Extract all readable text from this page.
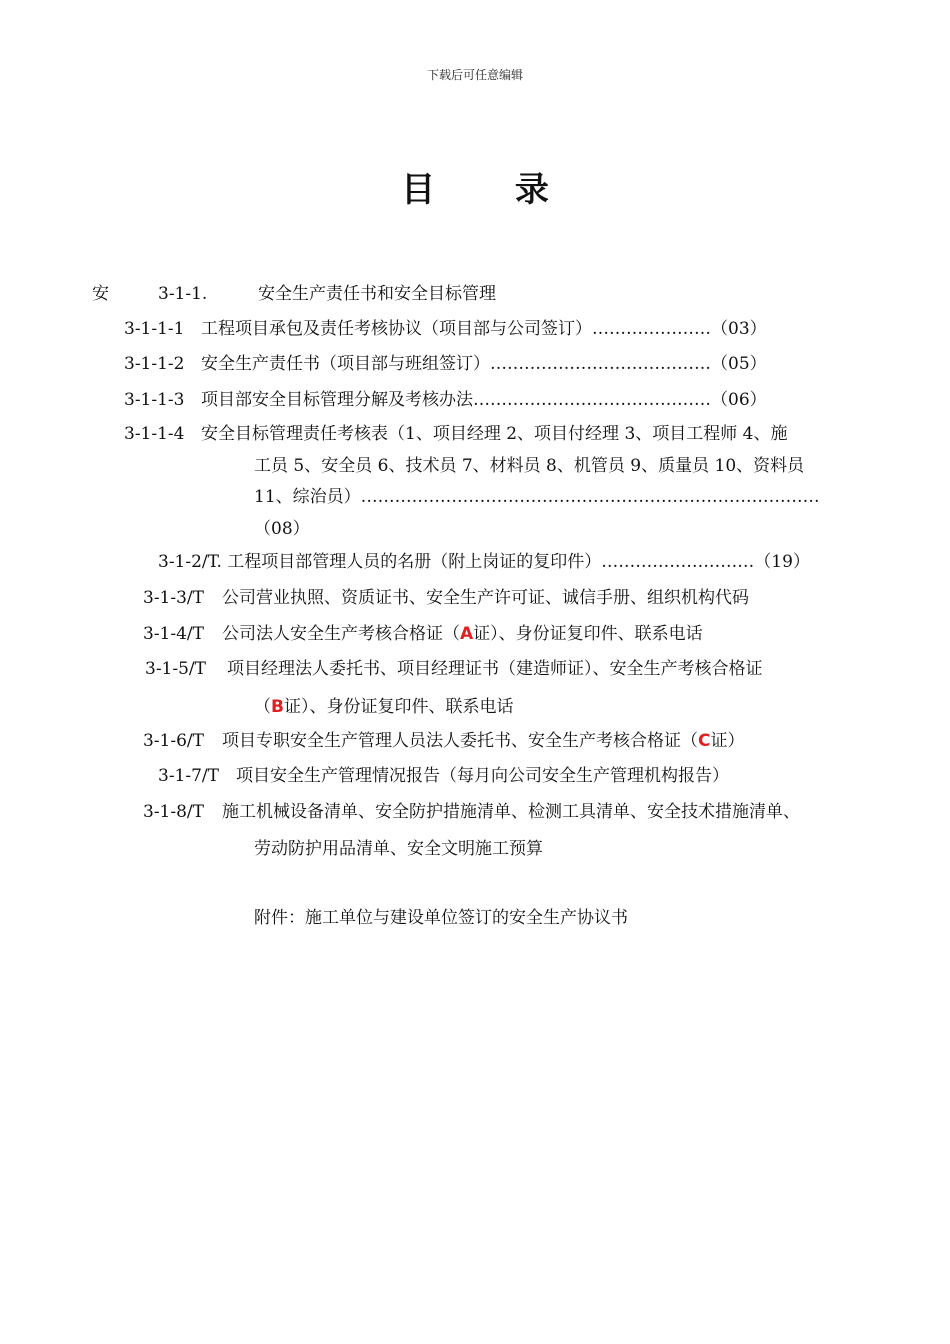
下载后可任意编辑
目 录
安	3-1-1.	安全生产责任书和安全目标管理
3-1-1-1 工程项目承包及责任考核协议（项目部与公司签订）…………………（03）
3-1-1-2 安全生产责任书（项目部与班组签订）…………………………………（05）
3-1-1-3 项目部安全目标管理分解及考核办法……………………………………（06）
3-1-1-4 安全目标管理责任考核表（1、项目经理 2、项目付经理 3、项目工程师 4、施
工员 5、安全员 6、技术员 7、材料员 8、机管员 9、质量员 10、资料员
11、综治员）………………………………………………………………………
（08）
3-1-2/T. 工程项目部管理人员的名册（附上岗证的复印件）………………………（19）
3-1-3/T 公司营业执照、资质证书、安全生产许可证、诚信手册、组织机构代码
3-1-4/T 公司法人安全生产考核合格证（A证）、身份证复印件、联系电话
3-1-5/T 项目经理法人委托书、项目经理证书（建造师证）、安全生产考核合格证
（B证）、身份证复印件、联系电话
3-1-6/T 项目专职安全生产管理人员法人委托书、安全生产考核合格证（C证）
3-1-7/T 项目安全生产管理情况报告（每月向公司安全生产管理机构报告）
3-1-8/T 施工机械设备清单、安全防护措施清单、检测工具清单、安全技术措施清单、
劳动防护用品清单、安全文明施工预算
附件：施工单位与建设单位签订的安全生产协议书
